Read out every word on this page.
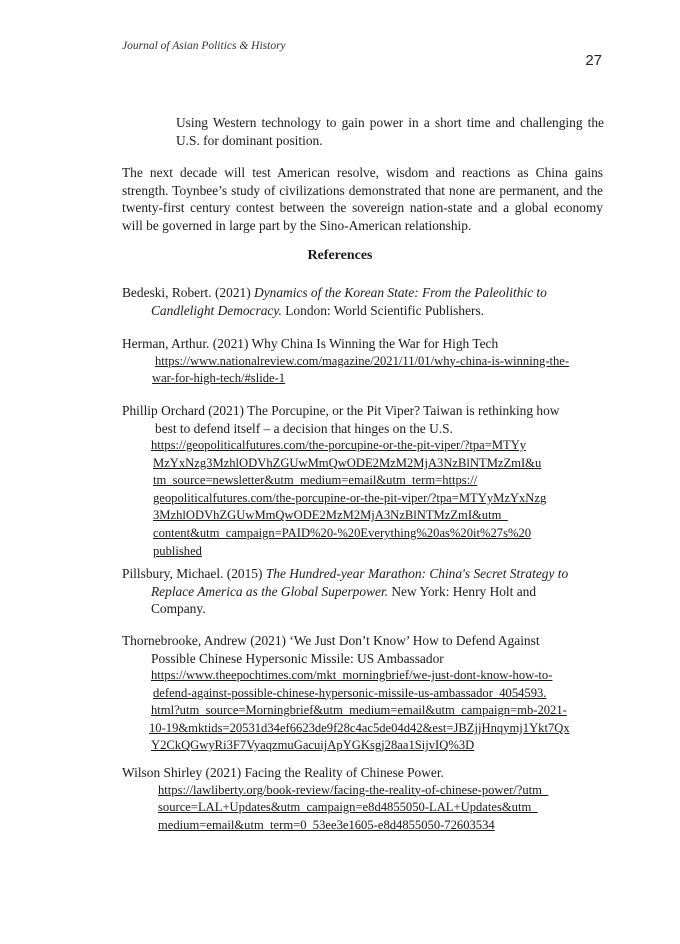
Journal of Asian Politics & History
27
Using Western technology to gain power in a short time and challenging the U.S. for dominant position.
The next decade will test American resolve, wisdom and reactions as China gains strength. Toynbee’s study of civilizations demonstrated that none are permanent, and the twenty-first century contest between the sovereign nation-state and a global economy will be governed in large part by the Sino-American relationship.
References
Bedeski, Robert. (2021) Dynamics of the Korean State: From the Paleolithic to
Candlelight Democracy. London: World Scientific Publishers.
Herman, Arthur. (2021) Why China Is Winning the War for High Tech
https://www.nationalreview.com/magazine/2021/11/01/why-china-is-winning-the-
war-for-high-tech/#slide-1
Phillip Orchard (2021) The Porcupine, or the Pit Viper? Taiwan is rethinking how
best to defend itself – a decision that hinges on the U.S.
https://geopoliticalfutures.com/the-porcupine-or-the-pit-viper/?tpa=MTYy
MzYxNzg3MzhlODVhZGUwMmQwODE2MzM2MjA3NzBlNTMzZmI&u
tm_source=newsletter&utm_medium=email&utm_term=https://
geopoliticalfutures.com/the-porcupine-or-the-pit-viper/?tpa=MTYyMzYxNzg
3MzhlODVhZGUwMmQwODE2MzM2MjA3NzBlNTMzZmI&utm_
content&utm_campaign=PAID%20-%20Everything%20as%20it%27s%20
published
Pillsbury, Michael. (2015) The Hundred-year Marathon: China's Secret Strategy to
Replace America as the Global Superpower. New York: Henry Holt and
Company.
Thornebrooke, Andrew (2021) ‘We Just Don’t Know’ How to Defend Against
Possible Chinese Hypersonic Missile: US Ambassador
https://www.theepochtimes.com/mkt_morningbrief/we-just-dont-know-how-to-
defend-against-possible-chinese-hypersonic-missile-us-ambassador_4054593.
html?utm_source=Morningbrief&utm_medium=email&utm_campaign=mb-2021-
10-19&mktids=20531d34ef6623de9f28c4ac5de04d42&est=JBZjjHnqymj1Ykt7Qx
Y2CkQGwyRi3F7VyaqzmuGacuijApYGKsgj28aa1SijvIQ%3D
Wilson Shirley (2021) Facing the Reality of Chinese Power.
https://lawliberty.org/book-review/facing-the-reality-of-chinese-power/?utm_
source=LAL+Updates&utm_campaign=e8d4855050-LAL+Updates&utm_
medium=email&utm_term=0_53ee3e1605-e8d4855050-72603534
